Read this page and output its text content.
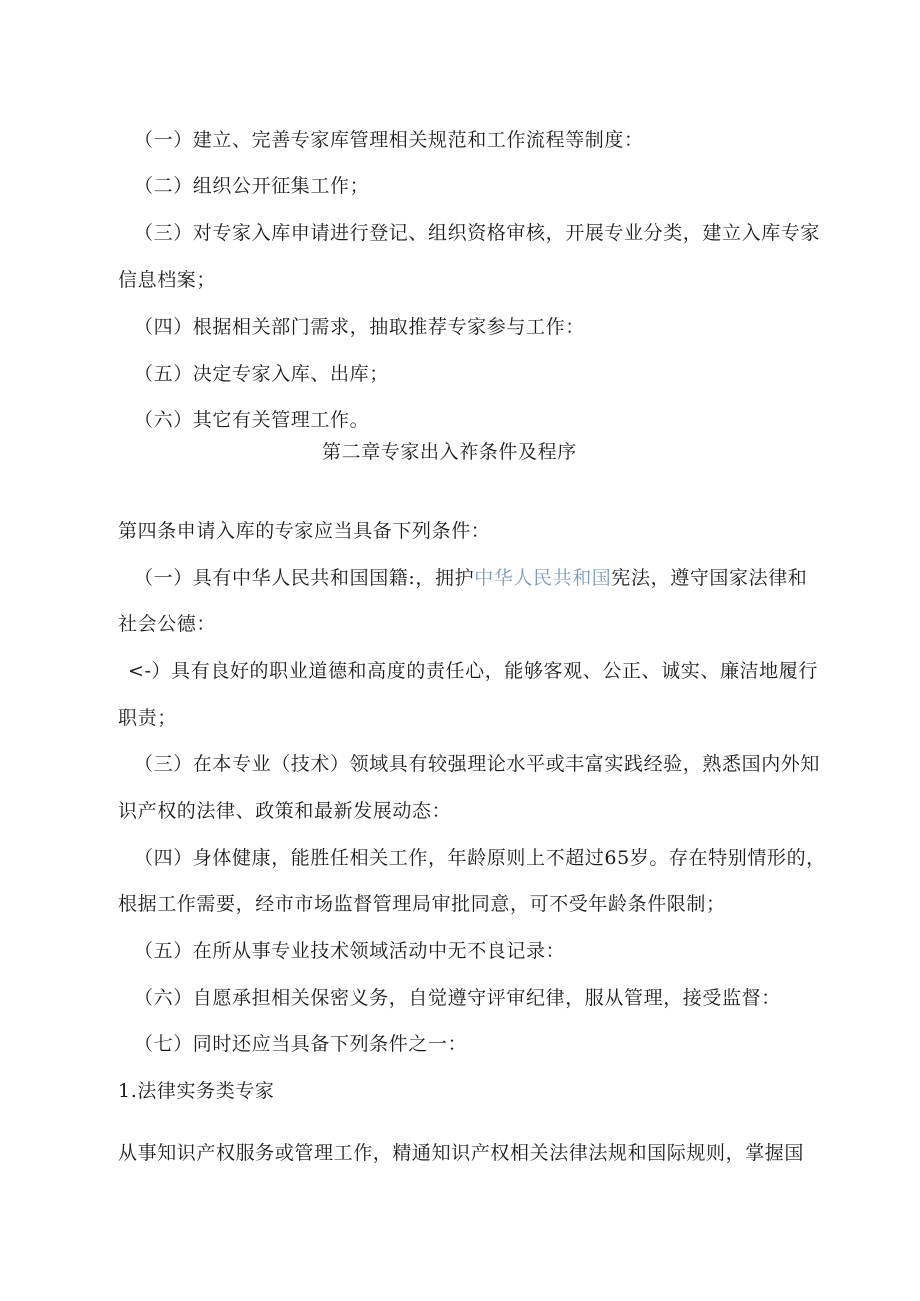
（一）建立、完善专家库管理相关规范和工作流程等制度：
（二）组织公开征集工作；
（三）对专家入库申请进行登记、组织资格审核，开展专业分类，建立入库专家
信息档案；
（四）根据相关部门需求，抽取推荐专家参与工作：
（五）决定专家入库、出库；
（六）其它有关管理工作。
第二章专家出入祚条件及程序
第四条申请入库的专家应当具备下列条件：
（一）具有中华人民共和国国籍:，拥护中华人民共和国宪法，遵守国家法律和
社会公德：
<-）具有良好的职业道德和高度的责任心，能够客观、公正、诚实、廉洁地履行
职责；
（三）在本专业（技术）领域具有较强理论水平或丰富实践经验，熟悉国内外知
识产权的法律、政策和最新发展动态：
（四）身体健康，能胜任相关工作，年龄原则上不超过65岁。存在特别情形的，
根据工作需要，经市市场监督管理局审批同意，可不受年龄条件限制；
（五）在所从事专业技术领域活动中无不良记录：
（六）自愿承担相关保密义务，自觉遵守评审纪律，服从管理，接受监督：
（七）同时还应当具备下列条件之一：
1.法律实务类专家
从事知识产权服务或管理工作，精通知识产权相关法律法规和国际规则，掌握国
